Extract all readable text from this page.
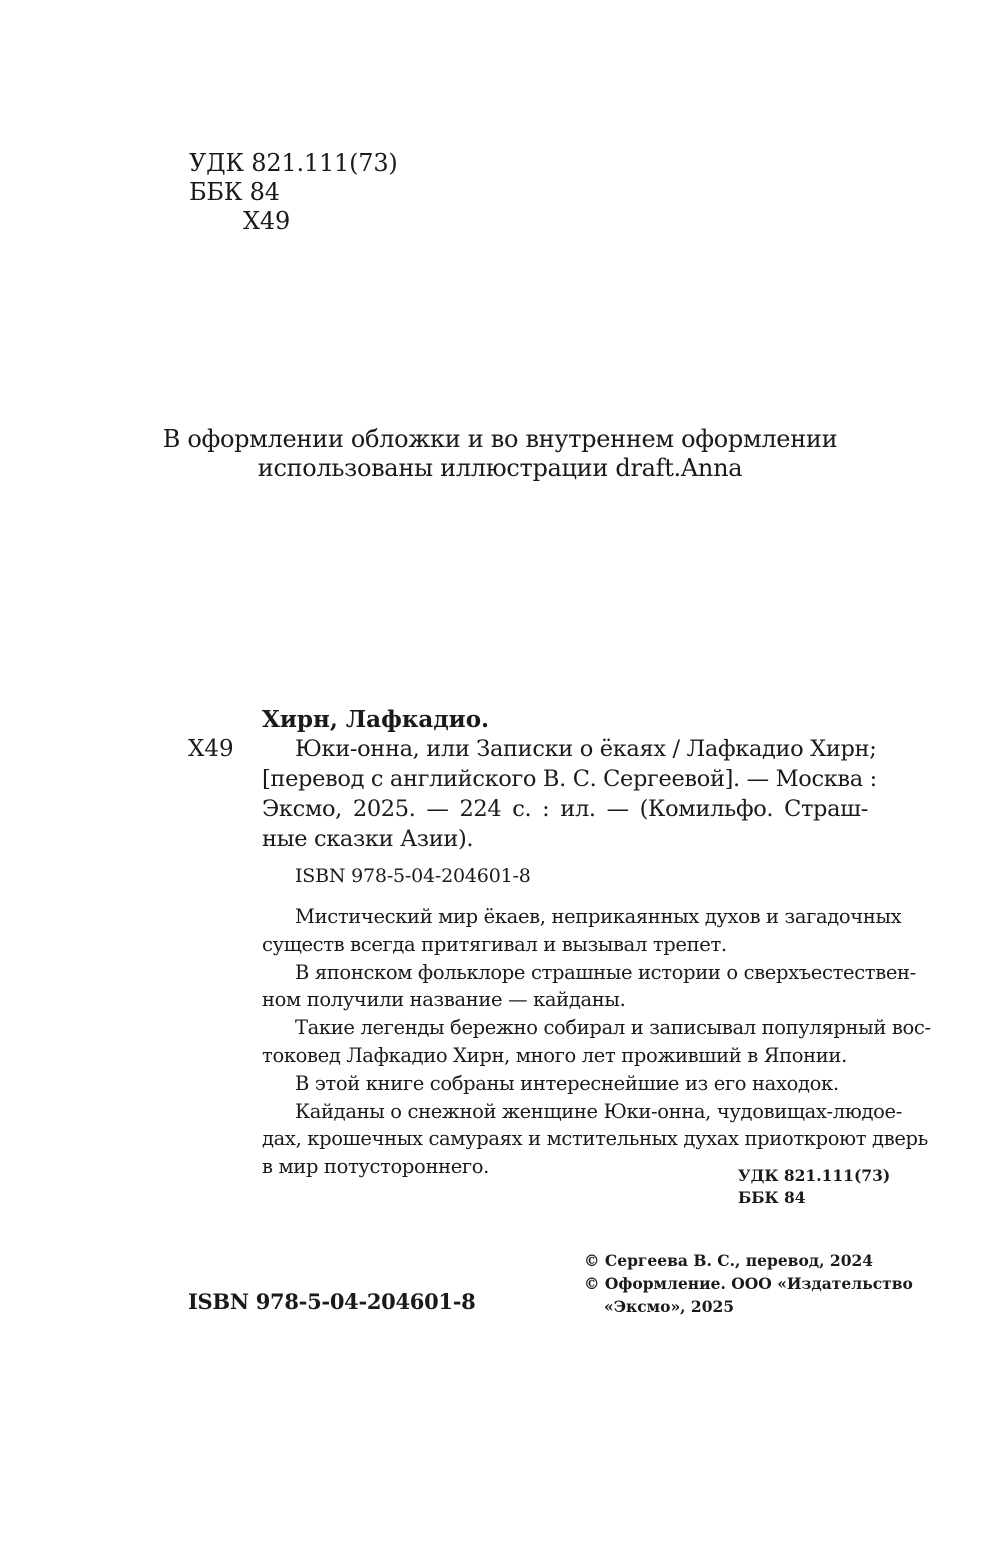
УДК 821.111(73)
ББК 84
Х49
В оформлении обложки и во внутреннем оформлении
использованы иллюстрации draft.Anna
Хирн, Лафкадио.
Х49	Юки-онна, или Записки о ёкаях / Лафкадио Хирн;
[перевод с английского В. С. Сергеевой]. — Москва :
Эксмо, 2025. — 224 с. : ил. — (Комильфо. Страш-
ные сказки Азии).
ISBN 978-5-04-204601-8
Мистический мир ёкаев, неприкаянных духов и загадочных
существ всегда притягивал и вызывал трепет.
В японском фольклоре страшные истории о сверхъестествен-
ном получили название — кайданы.
Такие легенды бережно собирал и записывал популярный вос-
токовед Лафкадио Хирн, много лет проживший в Японии.
В этой книге собраны интереснейшие из его находок.
Кайданы о снежной женщине Юки-онна, чудовищах-людое-
дах, крошечных самураях и мстительных духах приоткроют дверь
в мир потустороннего.	УДК 821.111(73)
ББК 84
ISBN 978-5-04-204601-8
© Сергеева В. С., перевод, 2024
© Оформление. ООО «Издательство
«Эксмо», 2025
